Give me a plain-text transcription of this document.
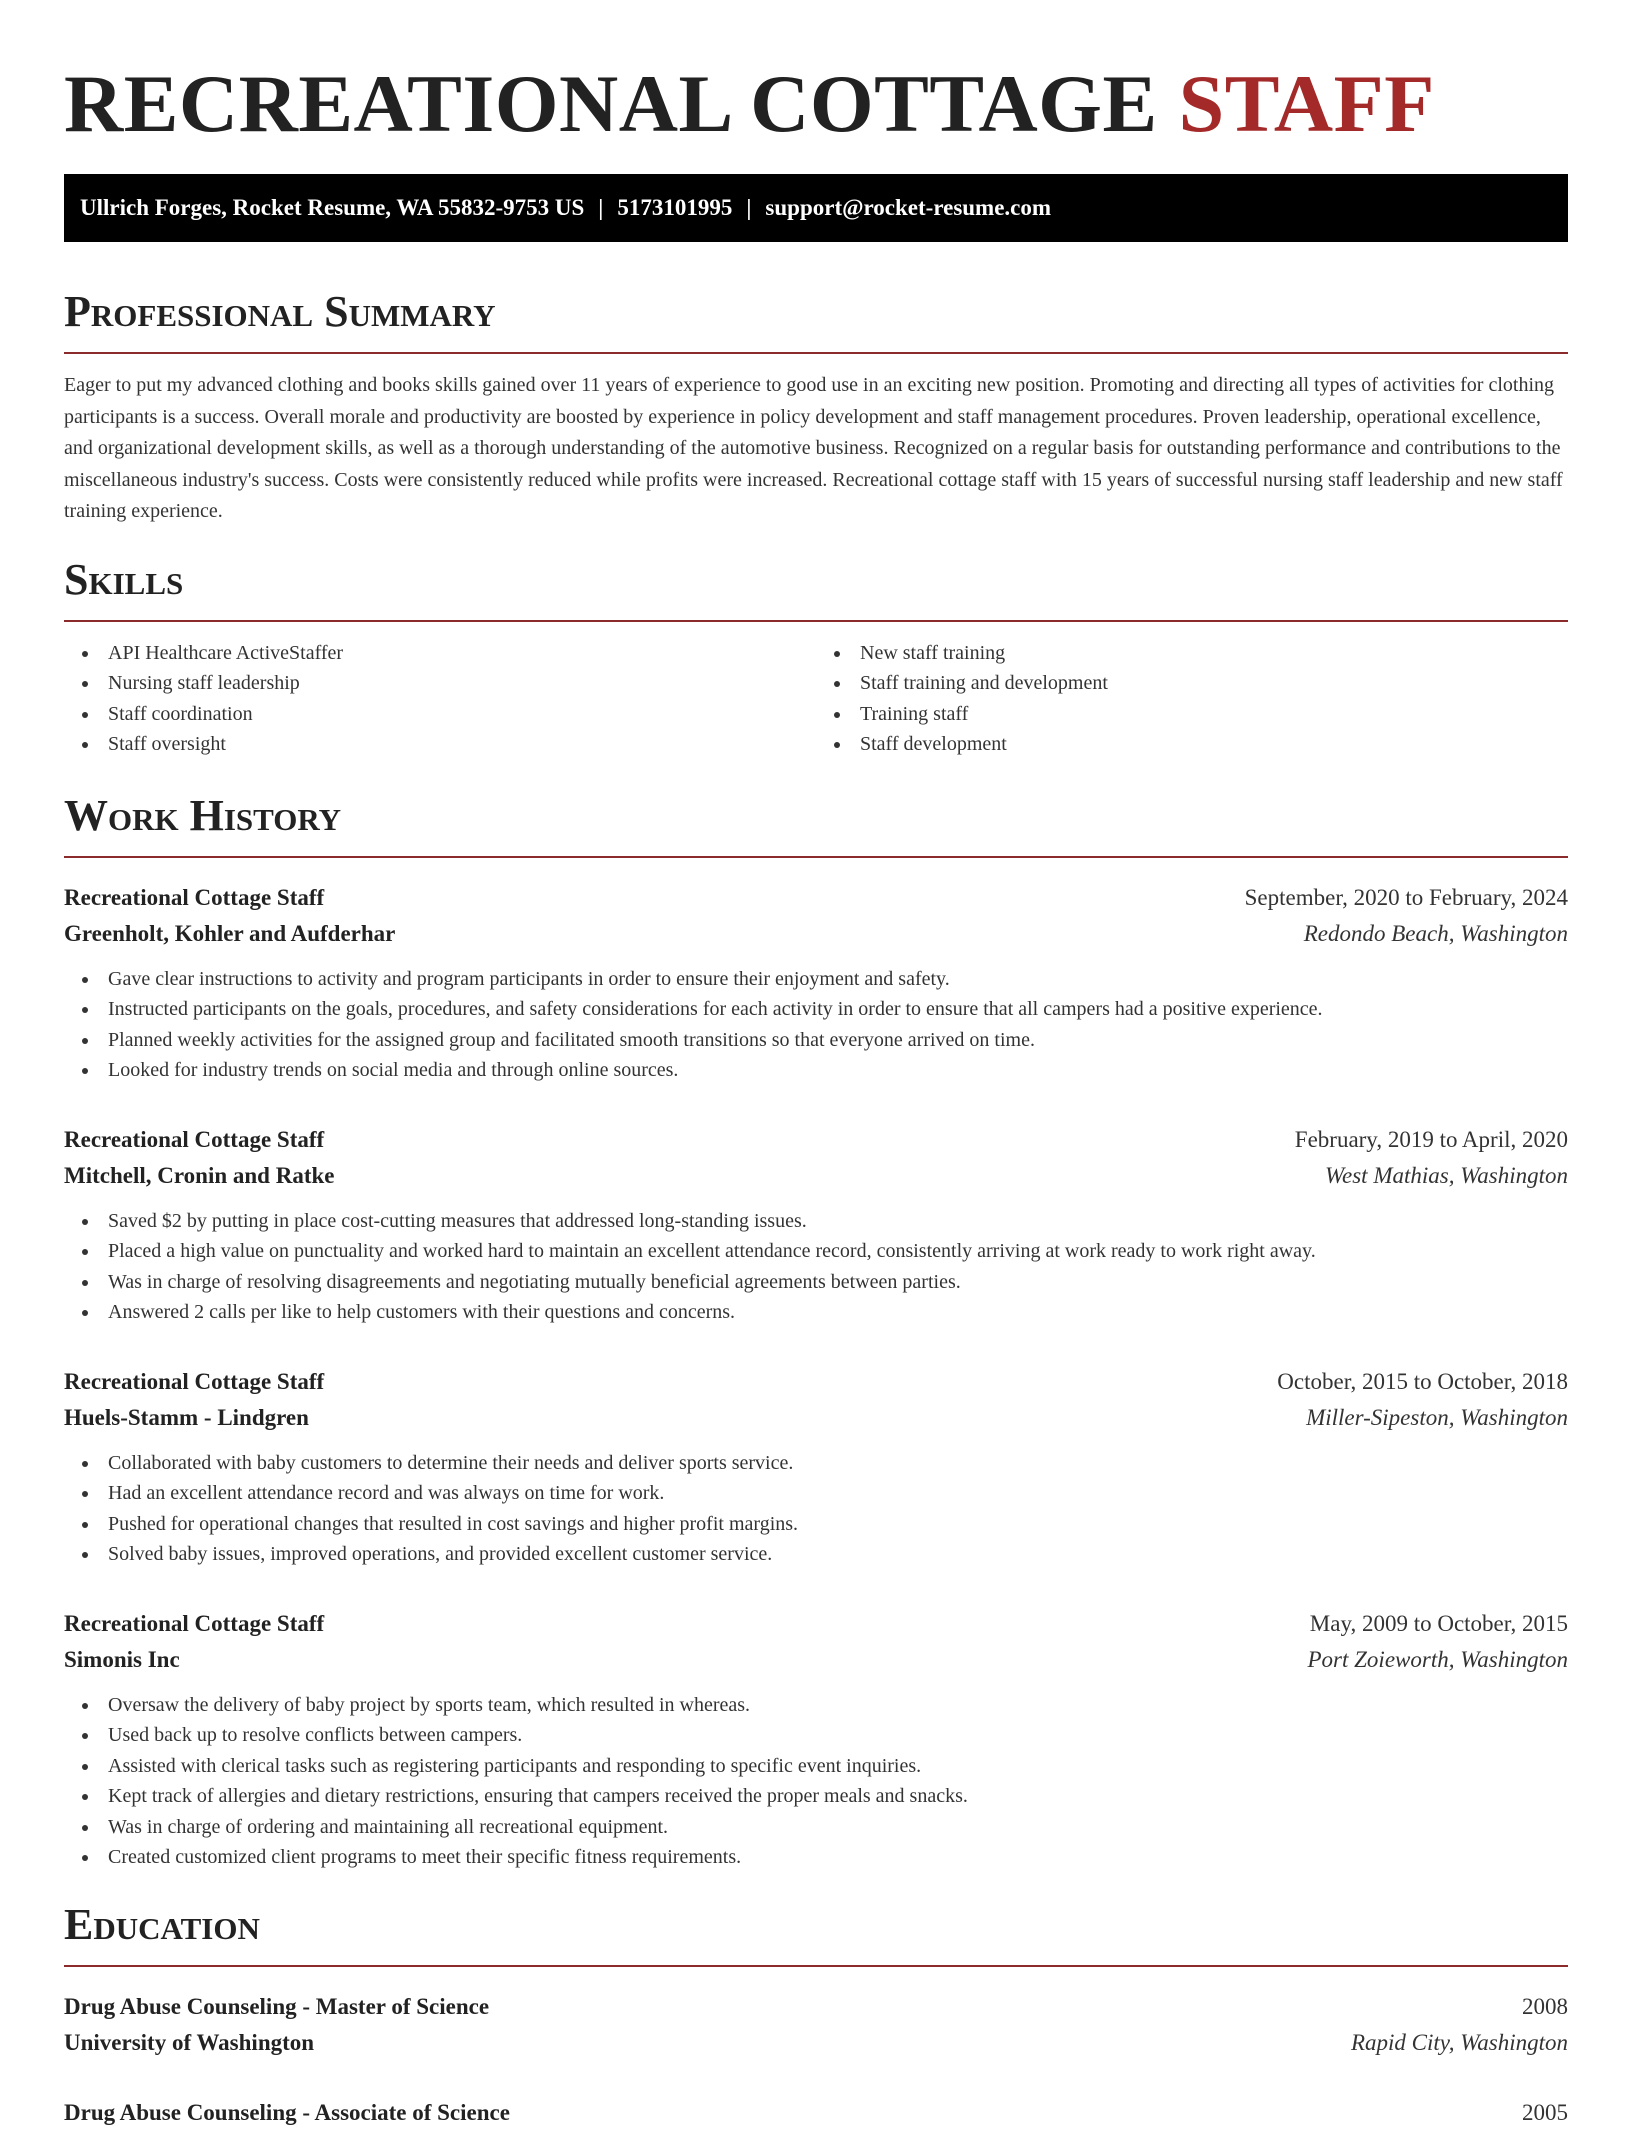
RECREATIONAL COTTAGE STAFF
Ullrich Forges, Rocket Resume, WA 55832-9753 US | 5173101995 | support@rocket-resume.com
Professional Summary

Eager to put my advanced clothing and books skills gained over 11 years of experience to good use in an exciting new position. Promoting and directing all types of activities for clothing participants is a success. Overall morale and productivity are boosted by experience in policy development and staff management procedures. Proven leadership, operational excellence, and organizational development skills, as well as a thorough understanding of the automotive business. Recognized on a regular basis for outstanding performance and contributions to the miscellaneous industry's success. Costs were consistently reduced while profits were increased. Recreational cottage staff with 15 years of successful nursing staff leadership and new staff training experience.

Skills
API Healthcare ActiveStaffer
Nursing staff leadership
Staff coordination
Staff oversight
New staff training
Staff training and development
Training staff
Staff development
Work History
Recreational Cottage Staff	September, 2020 to February, 2024
Greenholt, Kohler and Aufderhar	Redondo Beach, Washington
Gave clear instructions to activity and program participants in order to ensure their enjoyment and safety.
Instructed participants on the goals, procedures, and safety considerations for each activity in order to ensure that all campers had a positive experience.
Planned weekly activities for the assigned group and facilitated smooth transitions so that everyone arrived on time.
Looked for industry trends on social media and through online sources.
Recreational Cottage Staff	February, 2019 to April, 2020
Mitchell, Cronin and Ratke	West Mathias, Washington
Saved $2 by putting in place cost-cutting measures that addressed long-standing issues.
Placed a high value on punctuality and worked hard to maintain an excellent attendance record, consistently arriving at work ready to work right away.
Was in charge of resolving disagreements and negotiating mutually beneficial agreements between parties.
Answered 2 calls per like to help customers with their questions and concerns.
Recreational Cottage Staff	October, 2015 to October, 2018
Huels-Stamm - Lindgren	Miller-Sipeston, Washington
Collaborated with baby customers to determine their needs and deliver sports service.
Had an excellent attendance record and was always on time for work.
Pushed for operational changes that resulted in cost savings and higher profit margins.
Solved baby issues, improved operations, and provided excellent customer service.
Recreational Cottage Staff	May, 2009 to October, 2015
Simonis Inc	Port Zoieworth, Washington
Oversaw the delivery of baby project by sports team, which resulted in whereas.
Used back up to resolve conflicts between campers.
Assisted with clerical tasks such as registering participants and responding to specific event inquiries.
Kept track of allergies and dietary restrictions, ensuring that campers received the proper meals and snacks.
Was in charge of ordering and maintaining all recreational equipment.
Created customized client programs to meet their specific fitness requirements.
Education
Drug Abuse Counseling - Master of Science	2008
University of Washington	Rapid City, Washington
Drug Abuse Counseling - Associate of Science	2005
